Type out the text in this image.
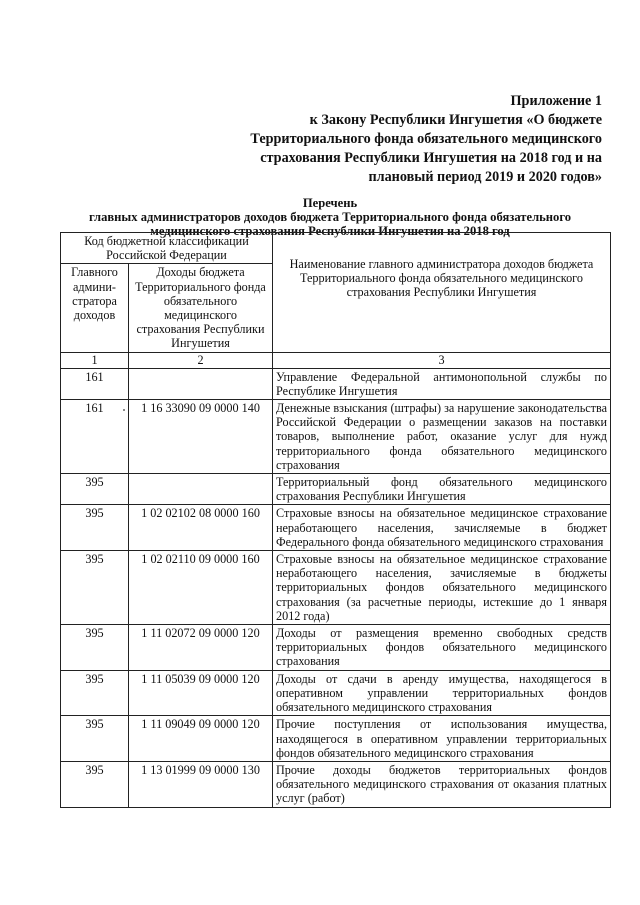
Приложение 1
к Закону Республики Ингушетия «О бюджете
Территориального фонда обязательного медицинского
страхования Республики Ингушетия на 2018 год и на
плановый период 2019 и 2020 годов»
Перечень
главных администраторов доходов бюджета Территориального фонда обязательного
медицинского страхования Республики Ингушетия на 2018 год
Код бюджетной классификации Российской Федерации		Наименование главного администратора доходов бюджета Территориального фонда обязательного медицинского страхования Республики Ингушетия
Главного админи-стратора доходов	Доходы бюджета Территориального фонда обязательного медицинского страхования Республики Ингушетия	
1	2	3
161		Управление Федеральной антимонопольной службы по Республике Ингушетия
161	1 16 33090 09 0000 140	Денежные взыскания (штрафы) за нарушение законодательства Российской Федерации о размещении заказов на поставки товаров, выполнение работ, оказание услуг для нужд территориального фонда обязательного медицинского страхования
395		Территориальный фонд обязательного медицинского страхования Республики Ингушетия
395	1 02 02102 08 0000 160	Страховые взносы на обязательное медицинское страхование неработающего населения, зачисляемые в бюджет Федерального фонда обязательного медицинского страхования
395	1 02 02110 09 0000 160	Страховые взносы на обязательное медицинское страхование неработающего населения, зачисляемые в бюджеты территориальных фондов обязательного медицинского страхования (за расчетные периоды, истекшие до 1 января 2012 года)
395	1 11 02072 09 0000 120	Доходы от размещения временно свободных средств территориальных фондов обязательного медицинского страхования
395	1 11 05039 09 0000 120	Доходы от сдачи в аренду имущества, находящегося в оперативном управлении территориальных фондов обязательного медицинского страхования
395	1 11 09049 09 0000 120	Прочие поступления от использования имущества, находящегося в оперативном управлении территориальных фондов обязательного медицинского страхования
395	1 13 01999 09 0000 130	Прочие доходы бюджетов территориальных фондов обязательного медицинского страхования от оказания платных услуг (работ)
